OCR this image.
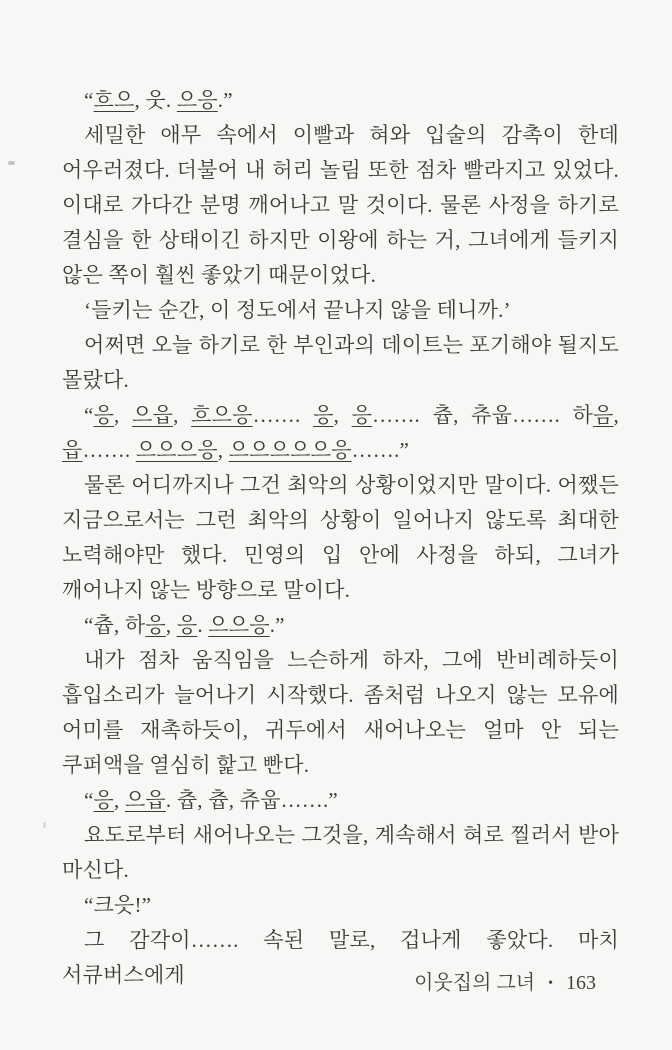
“흐으, 웃. 으응.”

세밀한 애무 속에서 이빨과 혀와 입술의 감촉이 한데 어우러졌다. 더불어 내 허리 놀림 또한 점차 빨라지고 있었다. 이대로 가다간 분명 깨어나고 말 것이다. 물론 사정을 하기로 결심을 한 상태이긴 하지만 이왕에 하는 거, 그녀에게 들키지 않은 쪽이 훨씬 좋았기 때문이었다.

‘들키는 순간, 이 정도에서 끝나지 않을 테니까.’

어쩌면 오늘 하기로 한 부인과의 데이트는 포기해야 될지도 몰랐다.

“응, 으읍, 흐으응……. 응, 응……. 츕, 츄웁……. 하음, 읍……. 으으으응, 으으으으으응…….”

물론 어디까지나 그건 최악의 상황이었지만 말이다. 어쨌든 지금으로서는 그런 최악의 상황이 일어나지 않도록 최대한 노력해야만 했다. 민영의 입 안에 사정을 하되, 그녀가 깨어나지 않는 방향으로 말이다.

“츕, 하응, 응. 으으응.”

내가 점차 움직임을 느슨하게 하자, 그에 반비례하듯이 흡입소리가 늘어나기 시작했다. 좀처럼 나오지 않는 모유에 어미를 재촉하듯이, 귀두에서 새어나오는 얼마 안 되는 쿠퍼액을 열심히 핥고 빤다.

“응, 으읍. 츕, 츕, 츄웁…….”

요도로부터 새어나오는 그것을, 계속해서 혀로 찔러서 받아 마신다.

“크읏!”

그 감각이……. 속된 말로, 겁나게 좋았다. 마치 서큐버스에게	이웃집의 그녀 • 163
